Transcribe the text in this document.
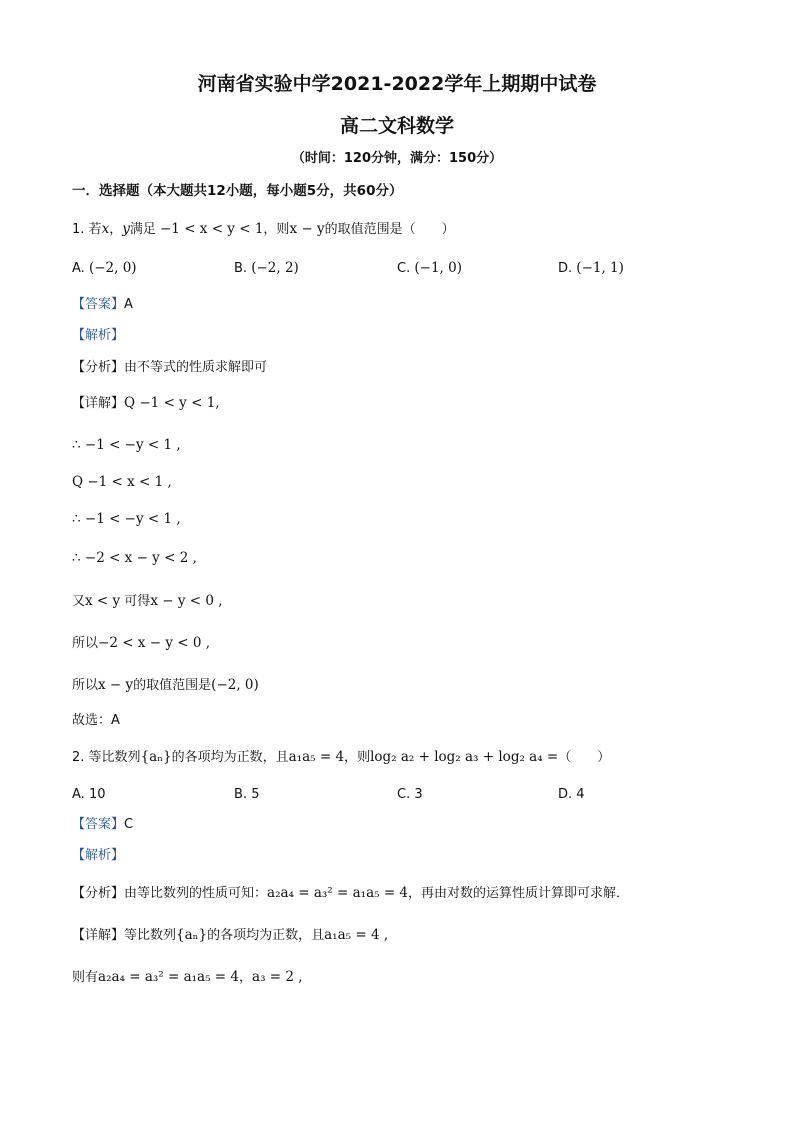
河南省实验中学2021-2022学年上期期中试卷
高二文科数学
（时间：120分钟，满分：150分）
一．选择题（本大题共12小题，每小题5分，共60分）
1. 若x，y满足 −1 < x < y < 1，则x − y的取值范围是（　　）
A. (−2, 0)	B. (−2, 2)	C. (−1, 0)	D. (−1, 1)
【答案】A
【解析】
【分析】由不等式的性质求解即可
【详解】Q −1 < y < 1,
∴ −1 < −y < 1 ,
Q −1 < x < 1 ,
∴ −1 < −y < 1 ,
∴ −2 < x − y < 2 ,
又x < y 可得x − y < 0 ,
所以−2 < x − y < 0 ,
所以x − y的取值范围是(−2, 0)
故选：A
2. 等比数列{aₙ}的各项均为正数，且a₁a₅ = 4，则log₂ a₂ + log₂ a₃ + log₂ a₄ =（　　）
A. 10	B. 5	C. 3	D. 4
【答案】C
【解析】
【分析】由等比数列的性质可知：a₂a₄ = a₃² = a₁a₅ = 4，再由对数的运算性质计算即可求解．
【详解】等比数列{aₙ}的各项均为正数，且a₁a₅ = 4 ,
则有a₂a₄ = a₃² = a₁a₅ = 4，a₃ = 2 ,
